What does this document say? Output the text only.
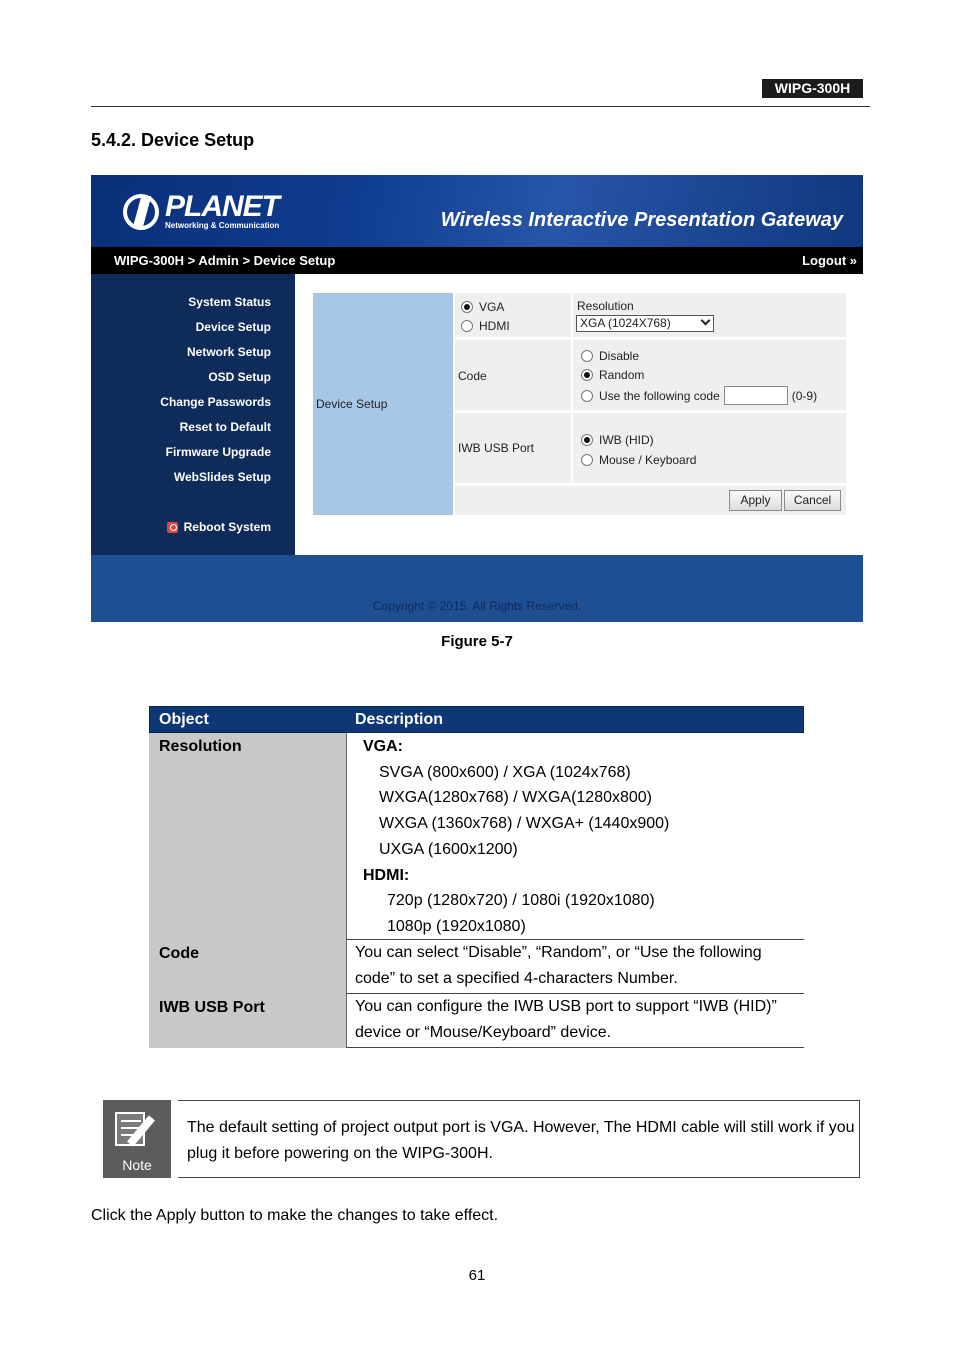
WIPG-300H
5.4.2. Device Setup
PLANET
Networking & Communication	Wireless Interactive Presentation Gateway
WIPG-300H > Admin > Device Setup	Logout »
System Status
Device Setup
Network Setup
OSD Setup
Change Passwords
Reset to Default
Firmware Upgrade
WebSlides Setup
Reboot System
Device Setup
VGA
HDMI
Resolution
XGA (1024X768)
Code
Disable
Random
Use the following code	(0-9)
IWB USB Port
IWB (HID)
Mouse / Keyboard
Apply	Cancel
Copyright © 2015. All Rights Reserved.
Figure 5-7
Object	Description
Resolution	VGA:
SVGA (800x600) / XGA (1024x768)
WXGA(1280x768) / WXGA(1280x800)
WXGA (1360x768) / WXGA+ (1440x900)
UXGA (1600x1200)
HDMI:
720p (1280x720) / 1080i (1920x1080)
1080p (1920x1080)
Code	You can select “Disable”, “Random”, or “Use the following
code” to set a specified 4-characters Number.
IWB USB Port	You can configure the IWB USB port to support “IWB (HID)”
device or “Mouse/Keyboard” device.
Note
The default setting of project output port is VGA. However, The HDMI cable will still work if you plug it before powering on the WIPG-300H.
Click the Apply button to make the changes to take effect.
61
